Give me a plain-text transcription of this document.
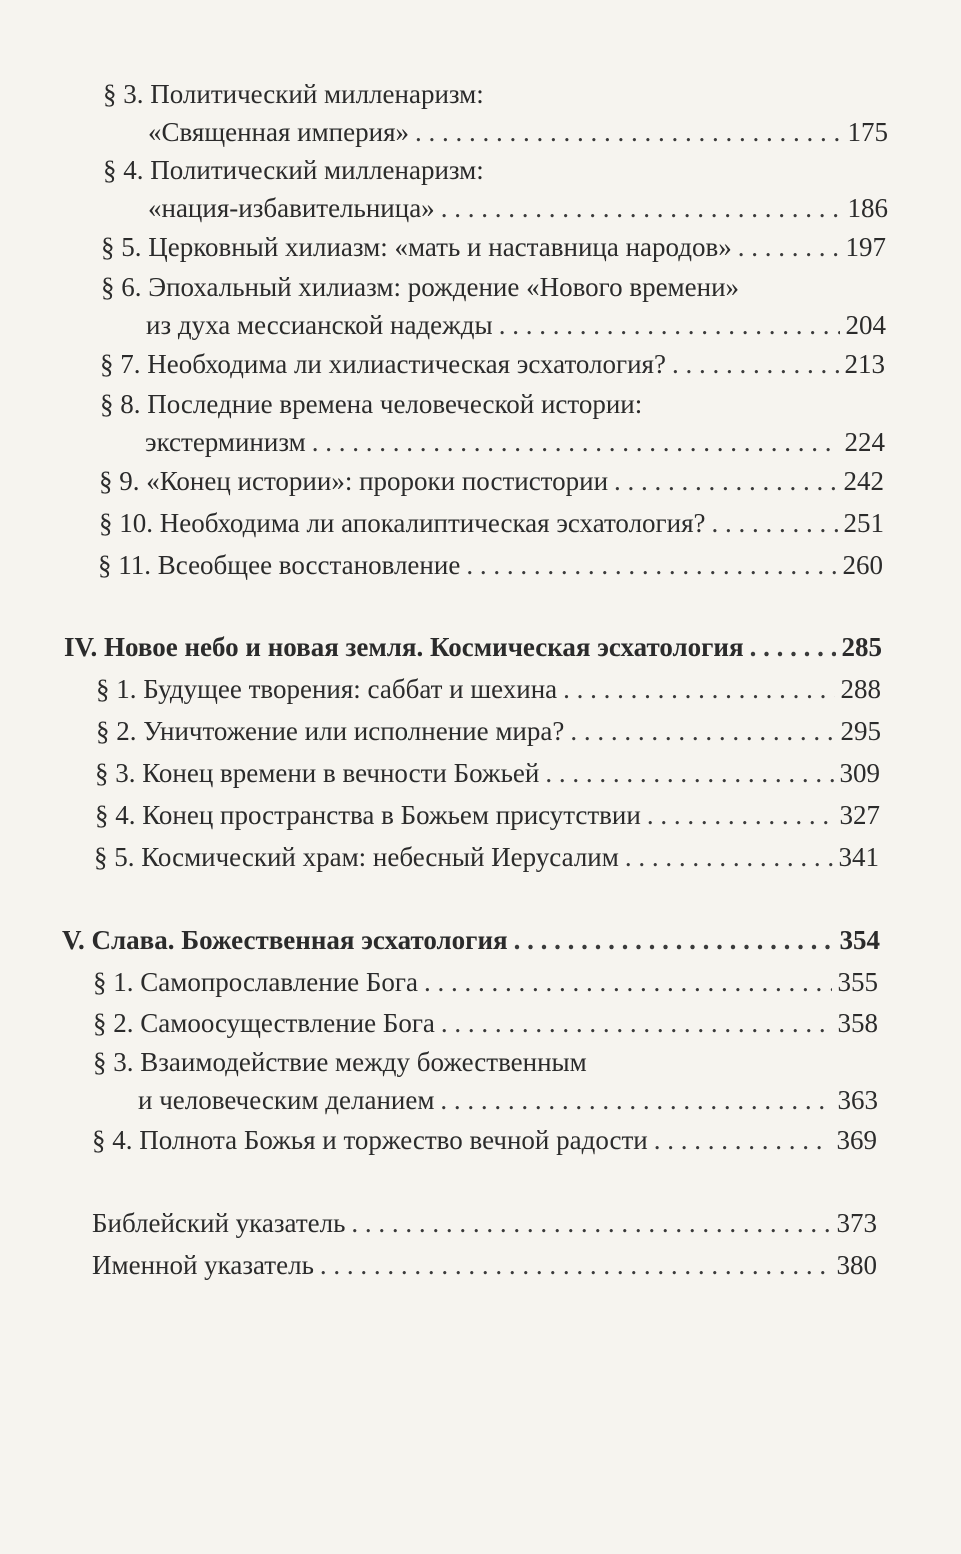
§ 3. Политический милленаризм:
«Священная империя» . . .	175
§ 4. Политический милленаризм:
«нация-избавительница» . . .	186
§ 5. Церковный хилиазм: «мать и наставница народов» . . .	197
§ 6. Эпохальный хилиазм: рождение «Нового времени»
из духа мессианской надежды . . .	204
§ 7. Необходима ли хилиастическая эсхатология? . . .	213
§ 8. Последние времена человеческой истории:
экстерминизм . . .	224
§ 9. «Конец истории»: пророки постистории . . .	242
§ 10. Необходима ли апокалиптическая эсхатология? . . .	251
§ 11. Всеобщее восстановление . . .	260
IV. Новое небо и новая земля. Космическая эсхатология . . .	285
§ 1. Будущее творения: саббат и шехина . . .	288
§ 2. Уничтожение или исполнение мира? . . .	295
§ 3. Конец времени в вечности Божьей . . .	309
§ 4. Конец пространства в Божьем присутствии . . .	327
§ 5. Космический храм: небесный Иерусалим . . .	341
V. Слава. Божественная эсхатология . . .	354
§ 1. Самопрославление Бога . . .	355
§ 2. Самоосуществление Бога . . .	358
§ 3. Взаимодействие между божественным
и человеческим деланием . . .	363
§ 4. Полнота Божья и торжество вечной радости . . .	369
Библейский указатель . . .	373
Именной указатель . . .	380
